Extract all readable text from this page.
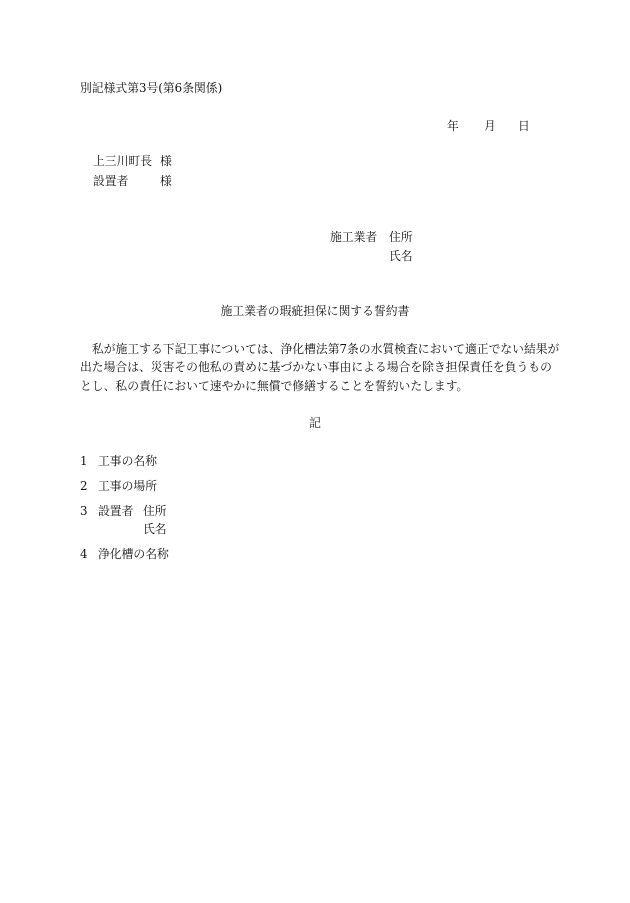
別記様式第3号(第6条関係)
年 月 日
上三川町長 様
設置者	様
施工業者 住所
氏名
施工業者の瑕疵担保に関する誓約書
私が施工する下記工事については、浄化槽法第7条の水質検査において適正でない結果が
出た場合は、災害その他私の責めに基づかない事由による場合を除き担保責任を負うもの
とし、私の責任において速やかに無償で修繕することを誓約いたします。
記
1 工事の名称
2 工事の場所
3 設置者 住所
氏名
4 浄化槽の名称
